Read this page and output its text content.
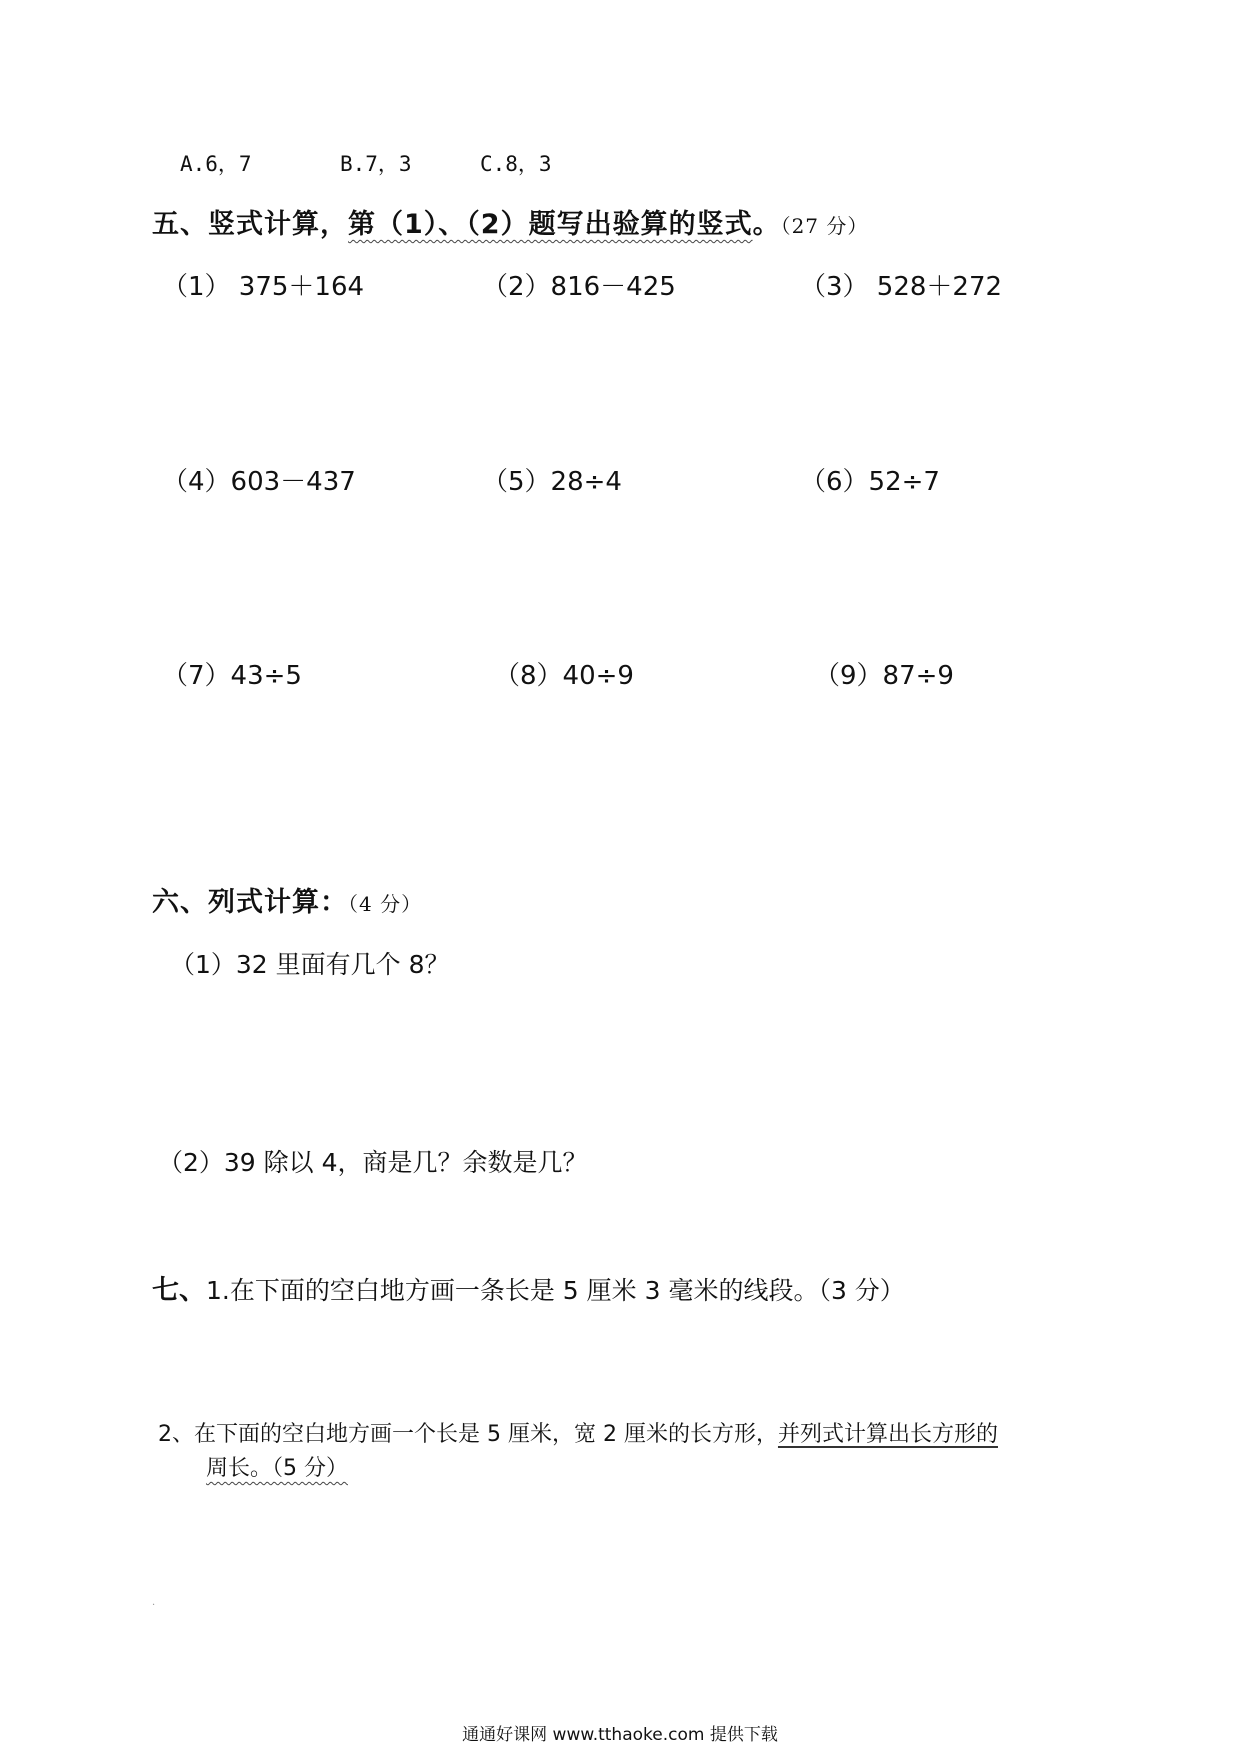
A.6，7	B.7，3	C.8，3
五、竖式计算，第（1）、（2）题写出验算的竖式。（27 分）
（1） 375＋164	（2）816－425	（3） 528＋272
（4）603－437	（5）28÷4	（6）52÷7
（7）43÷5	（8）40÷9	（9）87÷9
六、列式计算：（4 分）
（1）32 里面有几个 8？
（2）39 除以 4，商是几？余数是几？
七、1.在下面的空白地方画一条长是 5 厘米 3 毫米的线段。（3 分）
2、在下面的空白地方画一个长是 5 厘米，宽 2 厘米的长方形，并列式计算出长方形的
周长。（5 分）
·
通通好课网 www.tthaoke.com 提供下载
